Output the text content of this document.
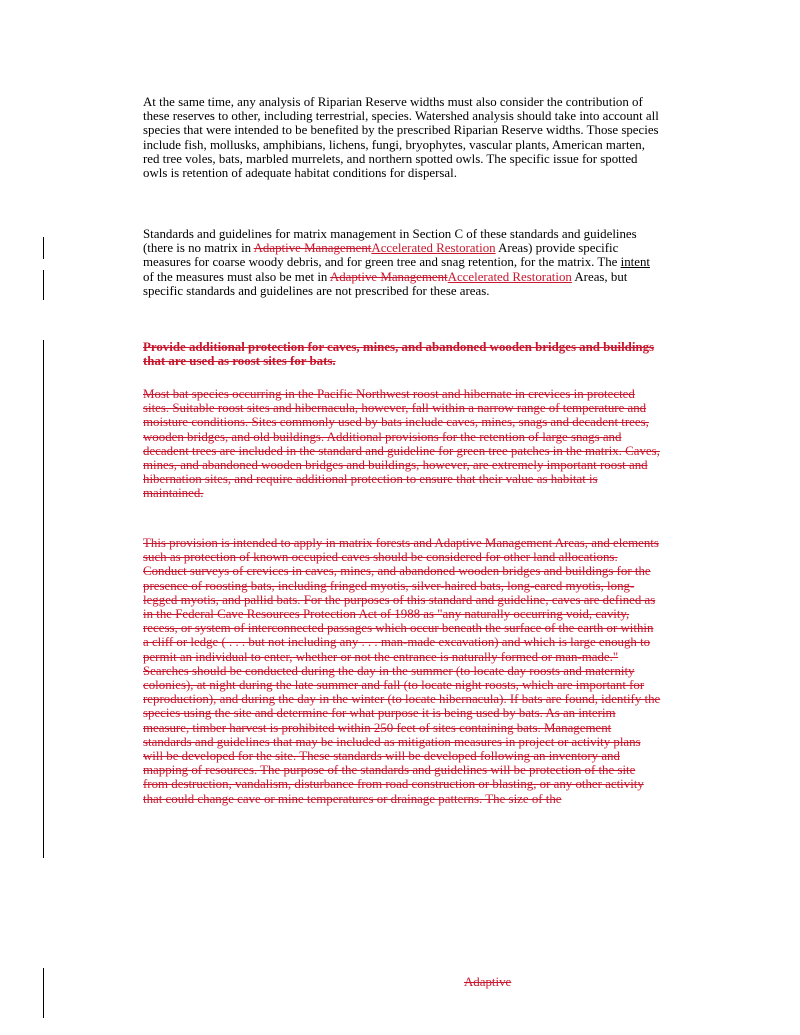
At the same time, any analysis of Riparian Reserve widths must also consider the contribution of these reserves to other, including terrestrial, species. Watershed analysis should take into account all species that were intended to be benefited by the prescribed Riparian Reserve widths. Those species include fish, mollusks, amphibians, lichens, fungi, bryophytes, vascular plants, American marten, red tree voles, bats, marbled murrelets, and northern spotted owls. The specific issue for spotted owls is retention of adequate habitat conditions for dispersal.

Standards and guidelines for matrix management in Section C of these standards and guidelines (there is no matrix in Adaptive ManagementAccelerated Restoration Areas) provide specific measures for coarse woody debris, and for green tree and snag retention, for the matrix. The intent of the measures must also be met in Adaptive ManagementAccelerated Restoration Areas, but specific standards and guidelines are not prescribed for these areas.

Provide additional protection for caves, mines, and abandoned wooden bridges and buildings that are used as roost sites for bats.

Most bat species occurring in the Pacific Northwest roost and hibernate in crevices in protected sites. Suitable roost sites and hibernacula, however, fall within a narrow range of temperature and moisture conditions. Sites commonly used by bats include caves, mines, snags and decadent trees, wooden bridges, and old buildings. Additional provisions for the retention of large snags and decadent trees are included in the standard and guideline for green tree patches in the matrix. Caves, mines, and abandoned wooden bridges and buildings, however, are extremely important roost and hibernation sites, and require additional protection to ensure that their value as habitat is maintained.

This provision is intended to apply in matrix forests and Adaptive Management Areas, and elements such as protection of known occupied caves should be considered for other land allocations. Conduct surveys of crevices in caves, mines, and abandoned wooden bridges and buildings for the presence of roosting bats, including fringed myotis, silver-haired bats, long-eared myotis, long-legged myotis, and pallid bats. For the purposes of this standard and guideline, caves are defined as in the Federal Cave Resources Protection Act of 1988 as "any naturally occurring void, cavity, recess, or system of interconnected passages which occur beneath the surface of the earth or within a cliff or ledge ( . . . but not including any . . . man-made excavation) and which is large enough to permit an individual to enter, whether or not the entrance is naturally formed or man-made." Searches should be conducted during the day in the summer (to locate day roosts and maternity colonies), at night during the late summer and fall (to locate night roosts, which are important for reproduction), and during the day in the winter (to locate hibernacula). If bats are found, identify the species using the site and determine for what purpose it is being used by bats. As an interim measure, timber harvest is prohibited within 250 feet of sites containing bats. Management standards and guidelines that may be included as mitigation measures in project or activity plans will be developed for the site. These standards will be developed following an inventory and mapping of resources. The purpose of the standards and guidelines will be protection of the site from destruction, vandalism, disturbance from road construction or blasting, or any other activity that could change cave or mine temperatures or drainage patterns. The size of the

Adaptive
